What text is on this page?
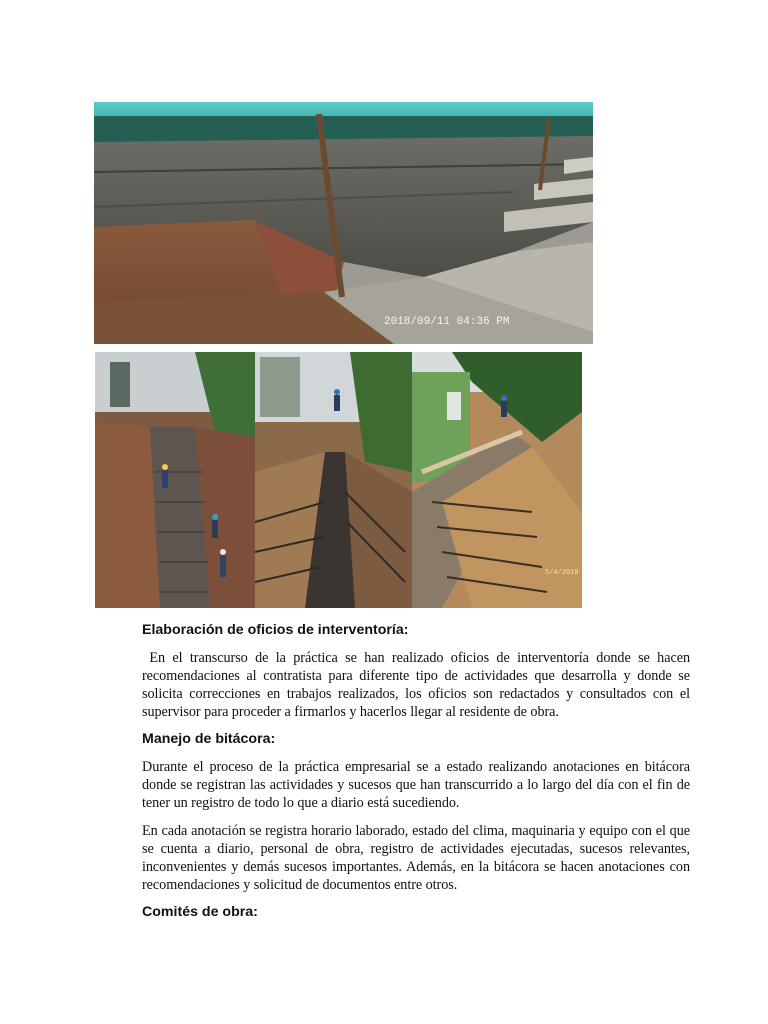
2018/09/11 04:36 PM
5/4/2018
Elaboración de oficios de interventoría:

En el transcurso de la práctica se han realizado oficios de interventoría donde se hacen recomendaciones al contratista para diferente tipo de actividades que desarrolla y donde se solicita correcciones en trabajos realizados, los oficios son redactados y consultados con el supervisor para proceder a firmarlos y hacerlos llegar al residente de obra.

Manejo de bitácora:

Durante el proceso de la práctica empresarial se a estado realizando anotaciones en bitácora donde se registran las actividades y sucesos que han transcurrido a lo largo del día con el fin de tener un registro de todo lo que a diario está sucediendo.

En cada anotación se registra horario laborado, estado del clima, maquinaria y equipo con el que se cuenta a diario, personal de obra, registro de actividades ejecutadas, sucesos relevantes, inconvenientes y demás sucesos importantes. Además, en la bitácora se hacen anotaciones con recomendaciones y solicitud de documentos entre otros.

Comités de obra:
